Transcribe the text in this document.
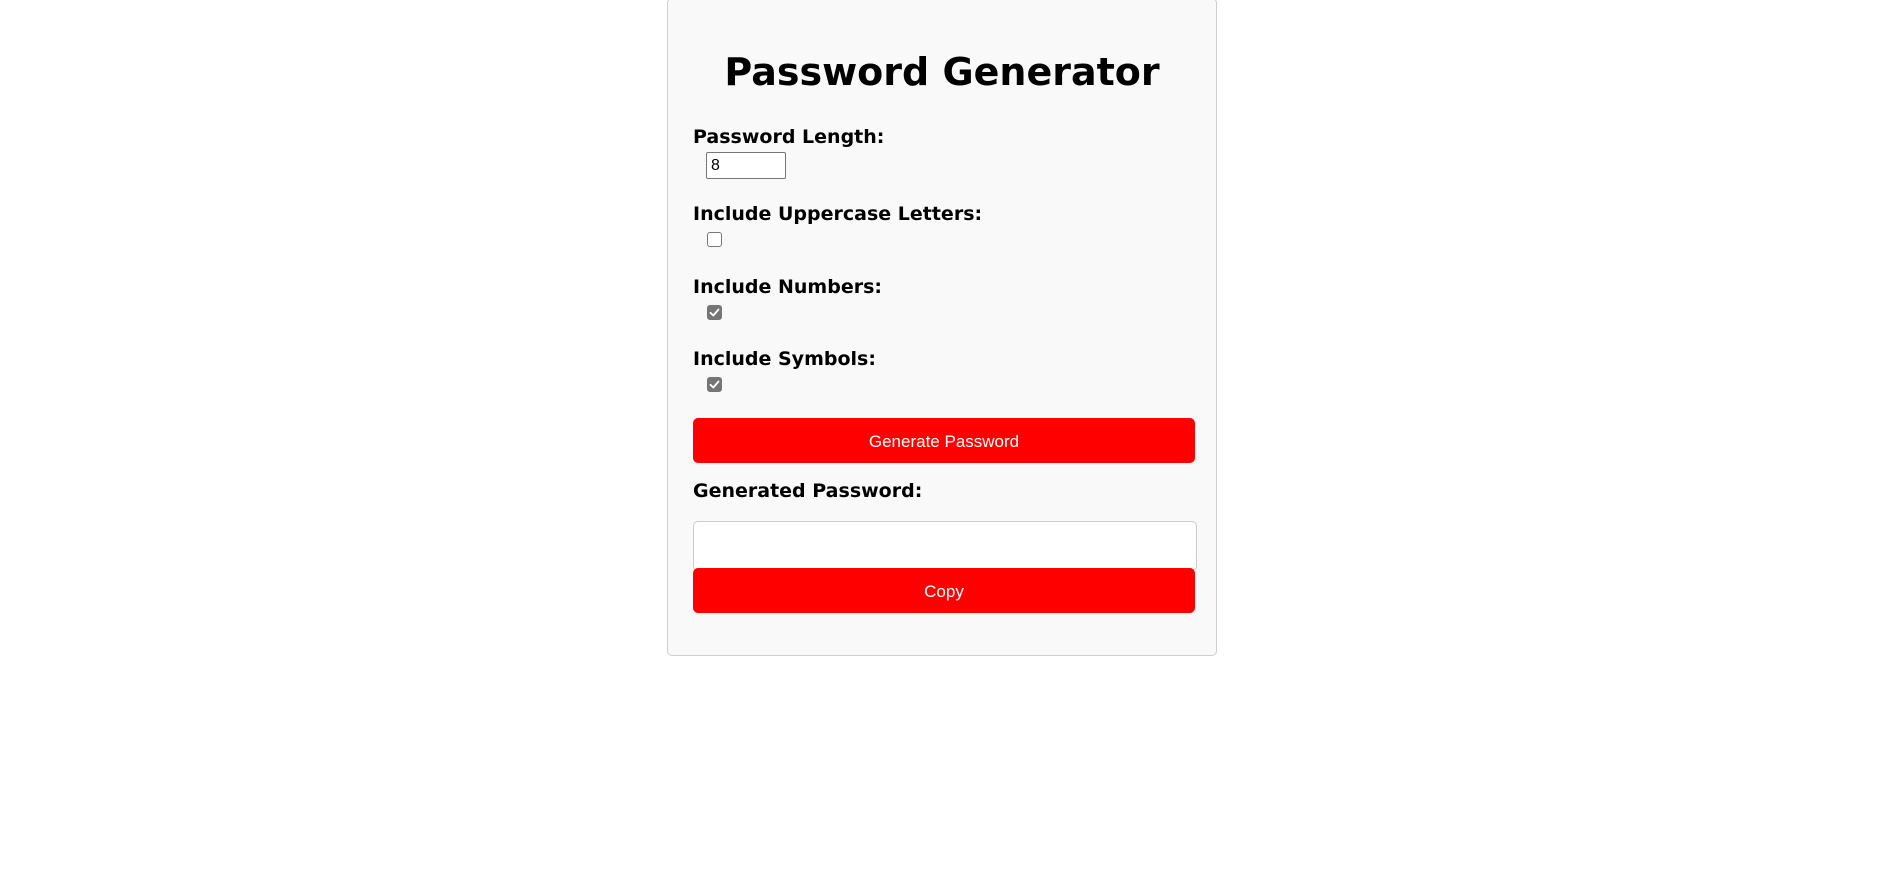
Password Generator
Password Length:
8
Include Uppercase Letters:
Include Numbers:
Include Symbols:
Generate Password
Generated Password:
Copy
